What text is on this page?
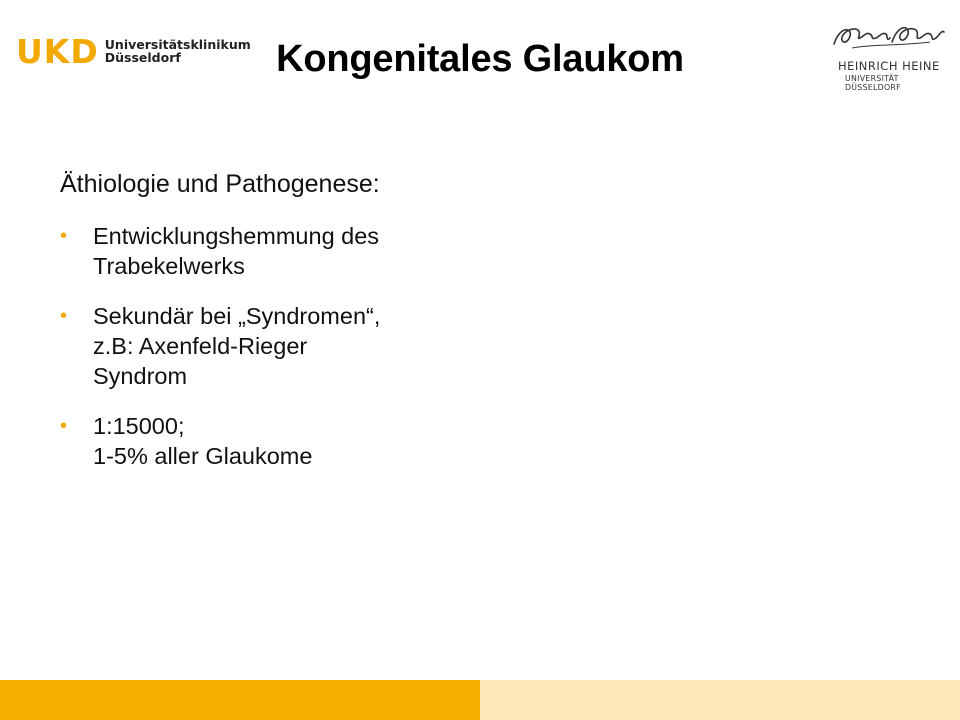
UKD Universitätsklinikum
Düsseldorf	Kongenitales Glaukom	HEINRICH HEINE
UNIVERSITÄT DÜSSELDORF
Äthiologie und Pathogenese:
• Entwicklungshemmung des
Trabekelwerks
• Sekundär bei „Syndromen“,
z.B: Axenfeld-Rieger
Syndrom
• 1:15000;
1-5% aller Glaukome
